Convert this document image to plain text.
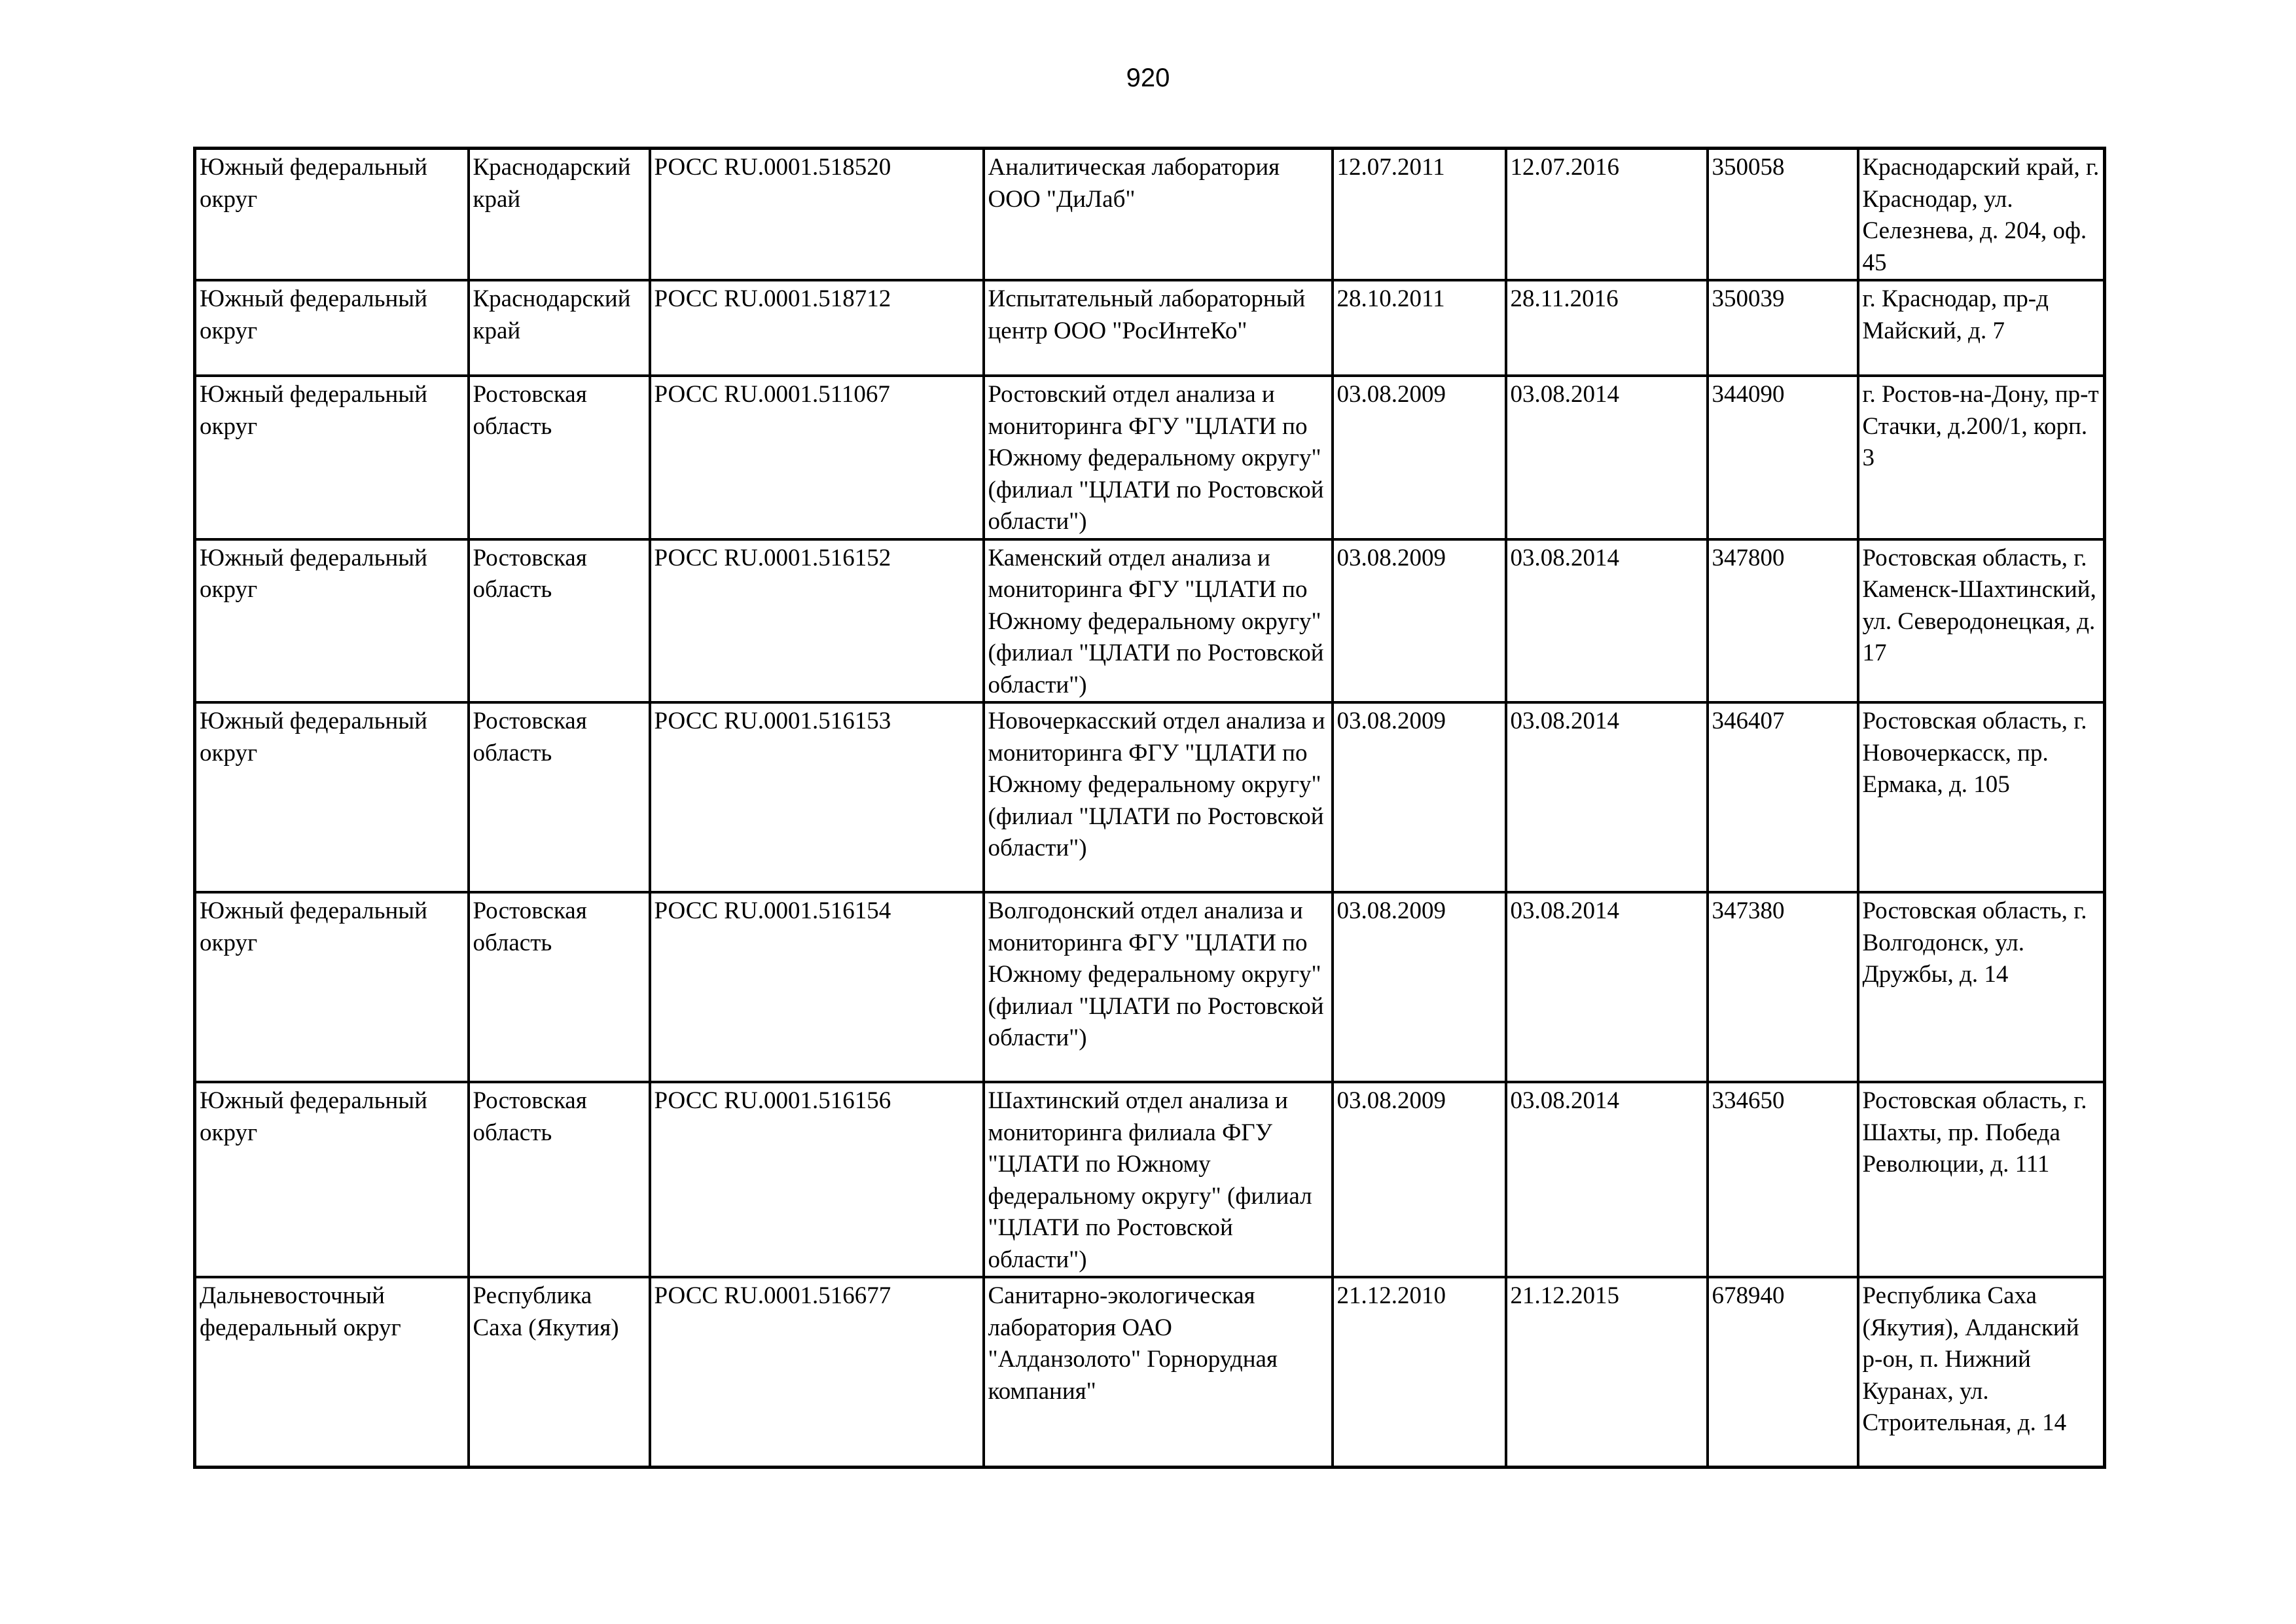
920
Южный федеральный округ	Краснодарский край	РОСС RU.0001.518520	Аналитическая лаборатория ООО "ДиЛаб"	12.07.2011	12.07.2016	350058	Краснодарский край, г. Краснодар, ул. Селезнева, д. 204, оф. 45
Южный федеральный округ	Краснодарский край	РОСС RU.0001.518712	Испытательный лабораторный центр ООО "РосИнтеКо"	28.10.2011	28.11.2016	350039	г. Краснодар, пр-д Майский, д. 7
Южный федеральный округ	Ростовская область	РОСС RU.0001.511067	Ростовский отдел анализа и мониторинга ФГУ "ЦЛАТИ по Южному федеральному округу" (филиал "ЦЛАТИ по Ростовской области")	03.08.2009	03.08.2014	344090	г. Ростов-на-Дону, пр-т Стачки, д.200/1, корп. 3
Южный федеральный округ	Ростовская область	РОСС RU.0001.516152	Каменский отдел анализа и мониторинга ФГУ "ЦЛАТИ по Южному федеральному округу" (филиал "ЦЛАТИ по Ростовской области")	03.08.2009	03.08.2014	347800	Ростовская область, г. Каменск-Шахтинский, ул. Северодонецкая, д. 17
Южный федеральный округ	Ростовская область	РОСС RU.0001.516153	Новочеркасский отдел анализа и мониторинга ФГУ "ЦЛАТИ по Южному федеральному округу" (филиал "ЦЛАТИ по Ростовской области")	03.08.2009	03.08.2014	346407	Ростовская область, г. Новочеркасск, пр. Ермака, д. 105
Южный федеральный округ	Ростовская область	РОСС RU.0001.516154	Волгодонский отдел анализа и мониторинга ФГУ "ЦЛАТИ по Южному федеральному округу" (филиал "ЦЛАТИ по Ростовской области")	03.08.2009	03.08.2014	347380	Ростовская область, г. Волгодонск, ул. Дружбы, д. 14
Южный федеральный округ	Ростовская область	РОСС RU.0001.516156	Шахтинский отдел анализа и мониторинга филиала ФГУ "ЦЛАТИ по Южному федеральному округу" (филиал "ЦЛАТИ по Ростовской области")	03.08.2009	03.08.2014	334650	Ростовская область, г. Шахты, пр. Победа Революции, д. 111
Дальневосточный федеральный округ	Республика Саха (Якутия)	РОСС RU.0001.516677	Санитарно-экологическая лаборатория ОАО "Алданзолото" Горнорудная компания"	21.12.2010	21.12.2015	678940	Республика Саха (Якутия), Алданский р-он, п. Нижний Куранах, ул. Строительная, д. 14
